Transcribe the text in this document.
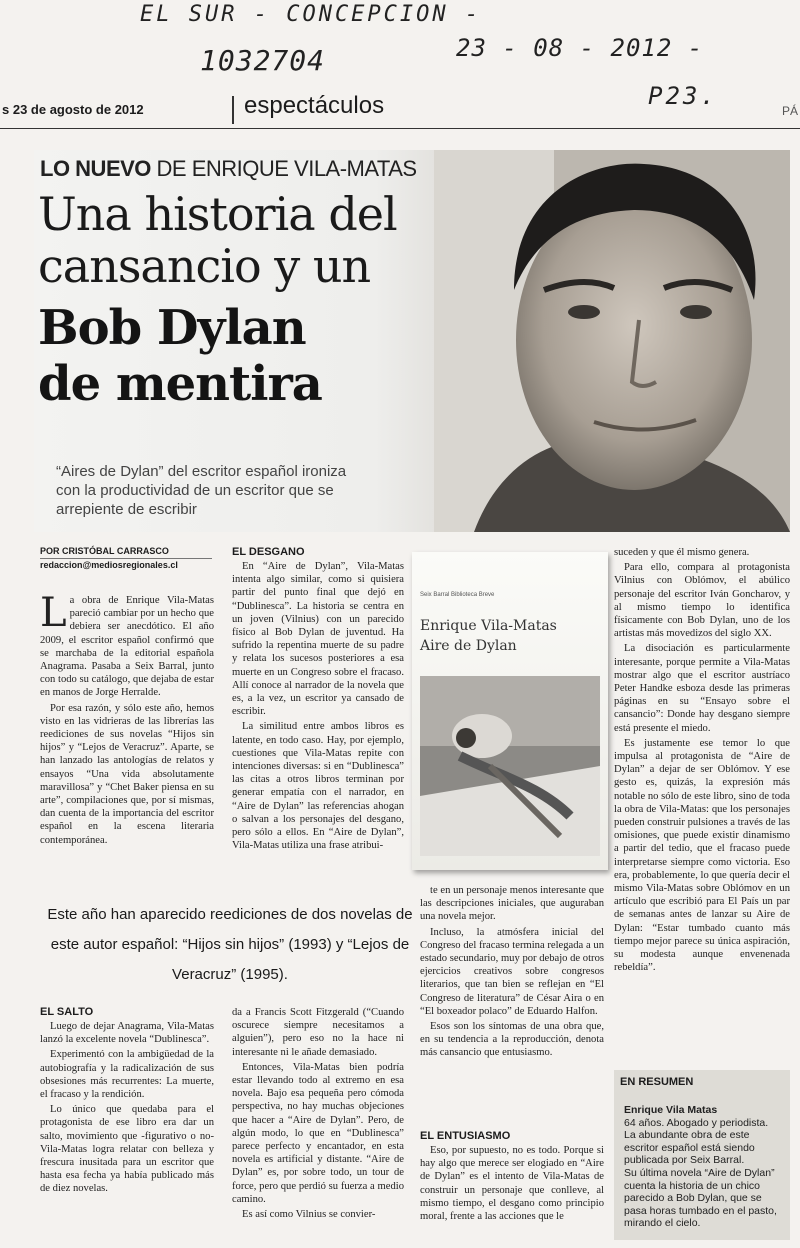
EL SUR - CONCEPCION -
1032704	23 - 08 - 2012 -
P23.
s 23 de agosto de 2012	espectáculos	PÁ
LO NUEVO DE ENRIQUE VILA-MATAS
Una historia del
cansancio y un
Bob Dylan
de mentira
“Aires de Dylan” del escritor español ironiza con la productividad de un escritor que se arrepiente de escribir
POR CRISTÓBAL CARRASCO
redaccion@mediosregionales.cl
L a obra de Enrique Vila-Matas pareció cambiar por un hecho que debiera ser anecdótico. El año 2009, el escritor español confirmó que se marchaba de la editorial española Anagrama. Pasaba a Seix Barral, junto con todo su catálogo, que dejaba de estar en manos de Jorge Herralde.

Por esa razón, y sólo este año, hemos visto en las vidrieras de las librerías las reediciones de sus novelas “Hijos sin hijos” y “Lejos de Veracruz”. Aparte, se han lanzado las antologías de relatos y ensayos “Una vida absolutamente maravillosa” y “Chet Baker piensa en su arte”, compilaciones que, por sí mismas, dan cuenta de la importancia del escritor español en la escena literaria contemporánea.

EL DESGANO

En “Aire de Dylan”, Vila-Matas intenta algo similar, como si quisiera partir del punto final que dejó en “Dublinesca”. La historia se centra en un joven (Vilnius) con un parecido físico al Bob Dylan de juventud. Ha sufrido la repentina muerte de su padre y relata los sucesos posteriores a esa muerte en un Congreso sobre el fracaso. Allí conoce al narrador de la novela que es, a la vez, un escritor ya cansado de escribir.

La similitud entre ambos libros es latente, en todo caso. Hay, por ejemplo, cuestiones que Vila-Matas repite con intenciones diversas: si en “Dublinesca” las citas a otros libros terminan por generar empatía con el narrador, en “Aire de Dylan” las referencias ahogan o salvan a los personajes del desgano, pero sólo a ellos. En “Aire de Dylan”, Vila-Matas utiliza una frase atribui-

Seix Barral Biblioteca Breve
Enrique Vila-Matas
Aire de Dylan

suceden y que él mismo genera.

Para ello, compara al protagonista Vilnius con Oblómov, el abúlico personaje del escritor Iván Goncharov, y al mismo tiempo lo identifica físicamente con Bob Dylan, uno de los artistas más movedizos del siglo XX.

La disociación es particularmente interesante, porque permite a Vila-Matas mostrar algo que el escritor austríaco Peter Handke esboza desde las primeras páginas en su “Ensayo sobre el cansancio”: Donde hay desgano siempre está presente el miedo.

Es justamente ese temor lo que impulsa al protagonista de “Aire de Dylan” a dejar de ser Oblómov. Y ese gesto es, quizás, la expresión más notable no sólo de este libro, sino de toda la obra de Vila-Matas: que los personajes pueden construir pulsiones a través de las omisiones, que puede existir dinamismo a partir del tedio, que el fracaso puede interpretarse siempre como victoria. Eso era, probablemente, lo que quería decir el mismo Vila-Matas sobre Oblómov en un artículo que escribió para El País un par de semanas antes de lanzar su Aire de Dylan: “Estar tumbado cuanto más tiempo mejor parece su única aspiración, su modesta aunque envenenada rebeldía”.

te en un personaje menos interesante que las descripciones iniciales, que auguraban una novela mejor.

Incluso, la atmósfera inicial del Congreso del fracaso termina relegada a un estado secundario, muy por debajo de otros ejercicios creativos sobre congresos literarios, que tan bien se reflejan en “El Congreso de literatura” de César Aira o en “El boxeador polaco” de Eduardo Halfon.

Esos son los síntomas de una obra que, en su tendencia a la reproducción, denota más cansancio que entusiasmo.

EL ENTUSIASMO

Eso, por supuesto, no es todo. Porque si hay algo que merece ser elogiado en “Aire de Dylan” es el intento de Vila-Matas de construir un personaje que conlleve, al mismo tiempo, el desgano como principio moral, frente a las acciones que le

Este año han aparecido reediciones de dos novelas de este autor español: “Hijos sin hijos” (1993) y “Lejos de Veracruz” (1995).
EL SALTO

Luego de dejar Anagrama, Vila-Matas lanzó la excelente novela “Dublinesca”.

Experimentó con la ambigüedad de la autobiografía y la radicalización de sus obsesiones más recurrentes: La muerte, el fracaso y la rendición.

Lo único que quedaba para el protagonista de ese libro era dar un salto, movimiento que -figurativo o no- Vila-Matas logra relatar con belleza y frescura inusitada para un escritor que hasta esa fecha ya había publicado más de diez novelas.

da a Francis Scott Fitzgerald (“Cuando oscurece siempre necesitamos a alguien”), pero eso no la hace ni interesante ni le añade demasiado.

Entonces, Vila-Matas bien podría estar llevando todo al extremo en esa novela. Bajo esa pequeña pero cómoda perspectiva, no hay muchas objeciones que hacer a “Aire de Dylan”. Pero, de algún modo, lo que en “Dublinesca” parece perfecto y encantador, en esta novela es artificial y distante. “Aire de Dylan” es, por sobre todo, un tour de force, pero que perdió su fuerza a medio camino.

Es así como Vilnius se convier-

EN RESUMEN
Enrique Vila Matas
64 años. Abogado y periodista.
La abundante obra de este escritor español está siendo publicada por Seix Barral.
Su última novela “Aire de Dylan” cuenta la historia de un chico parecido a Bob Dylan, que se pasa horas tumbado en el pasto, mirando el cielo.
